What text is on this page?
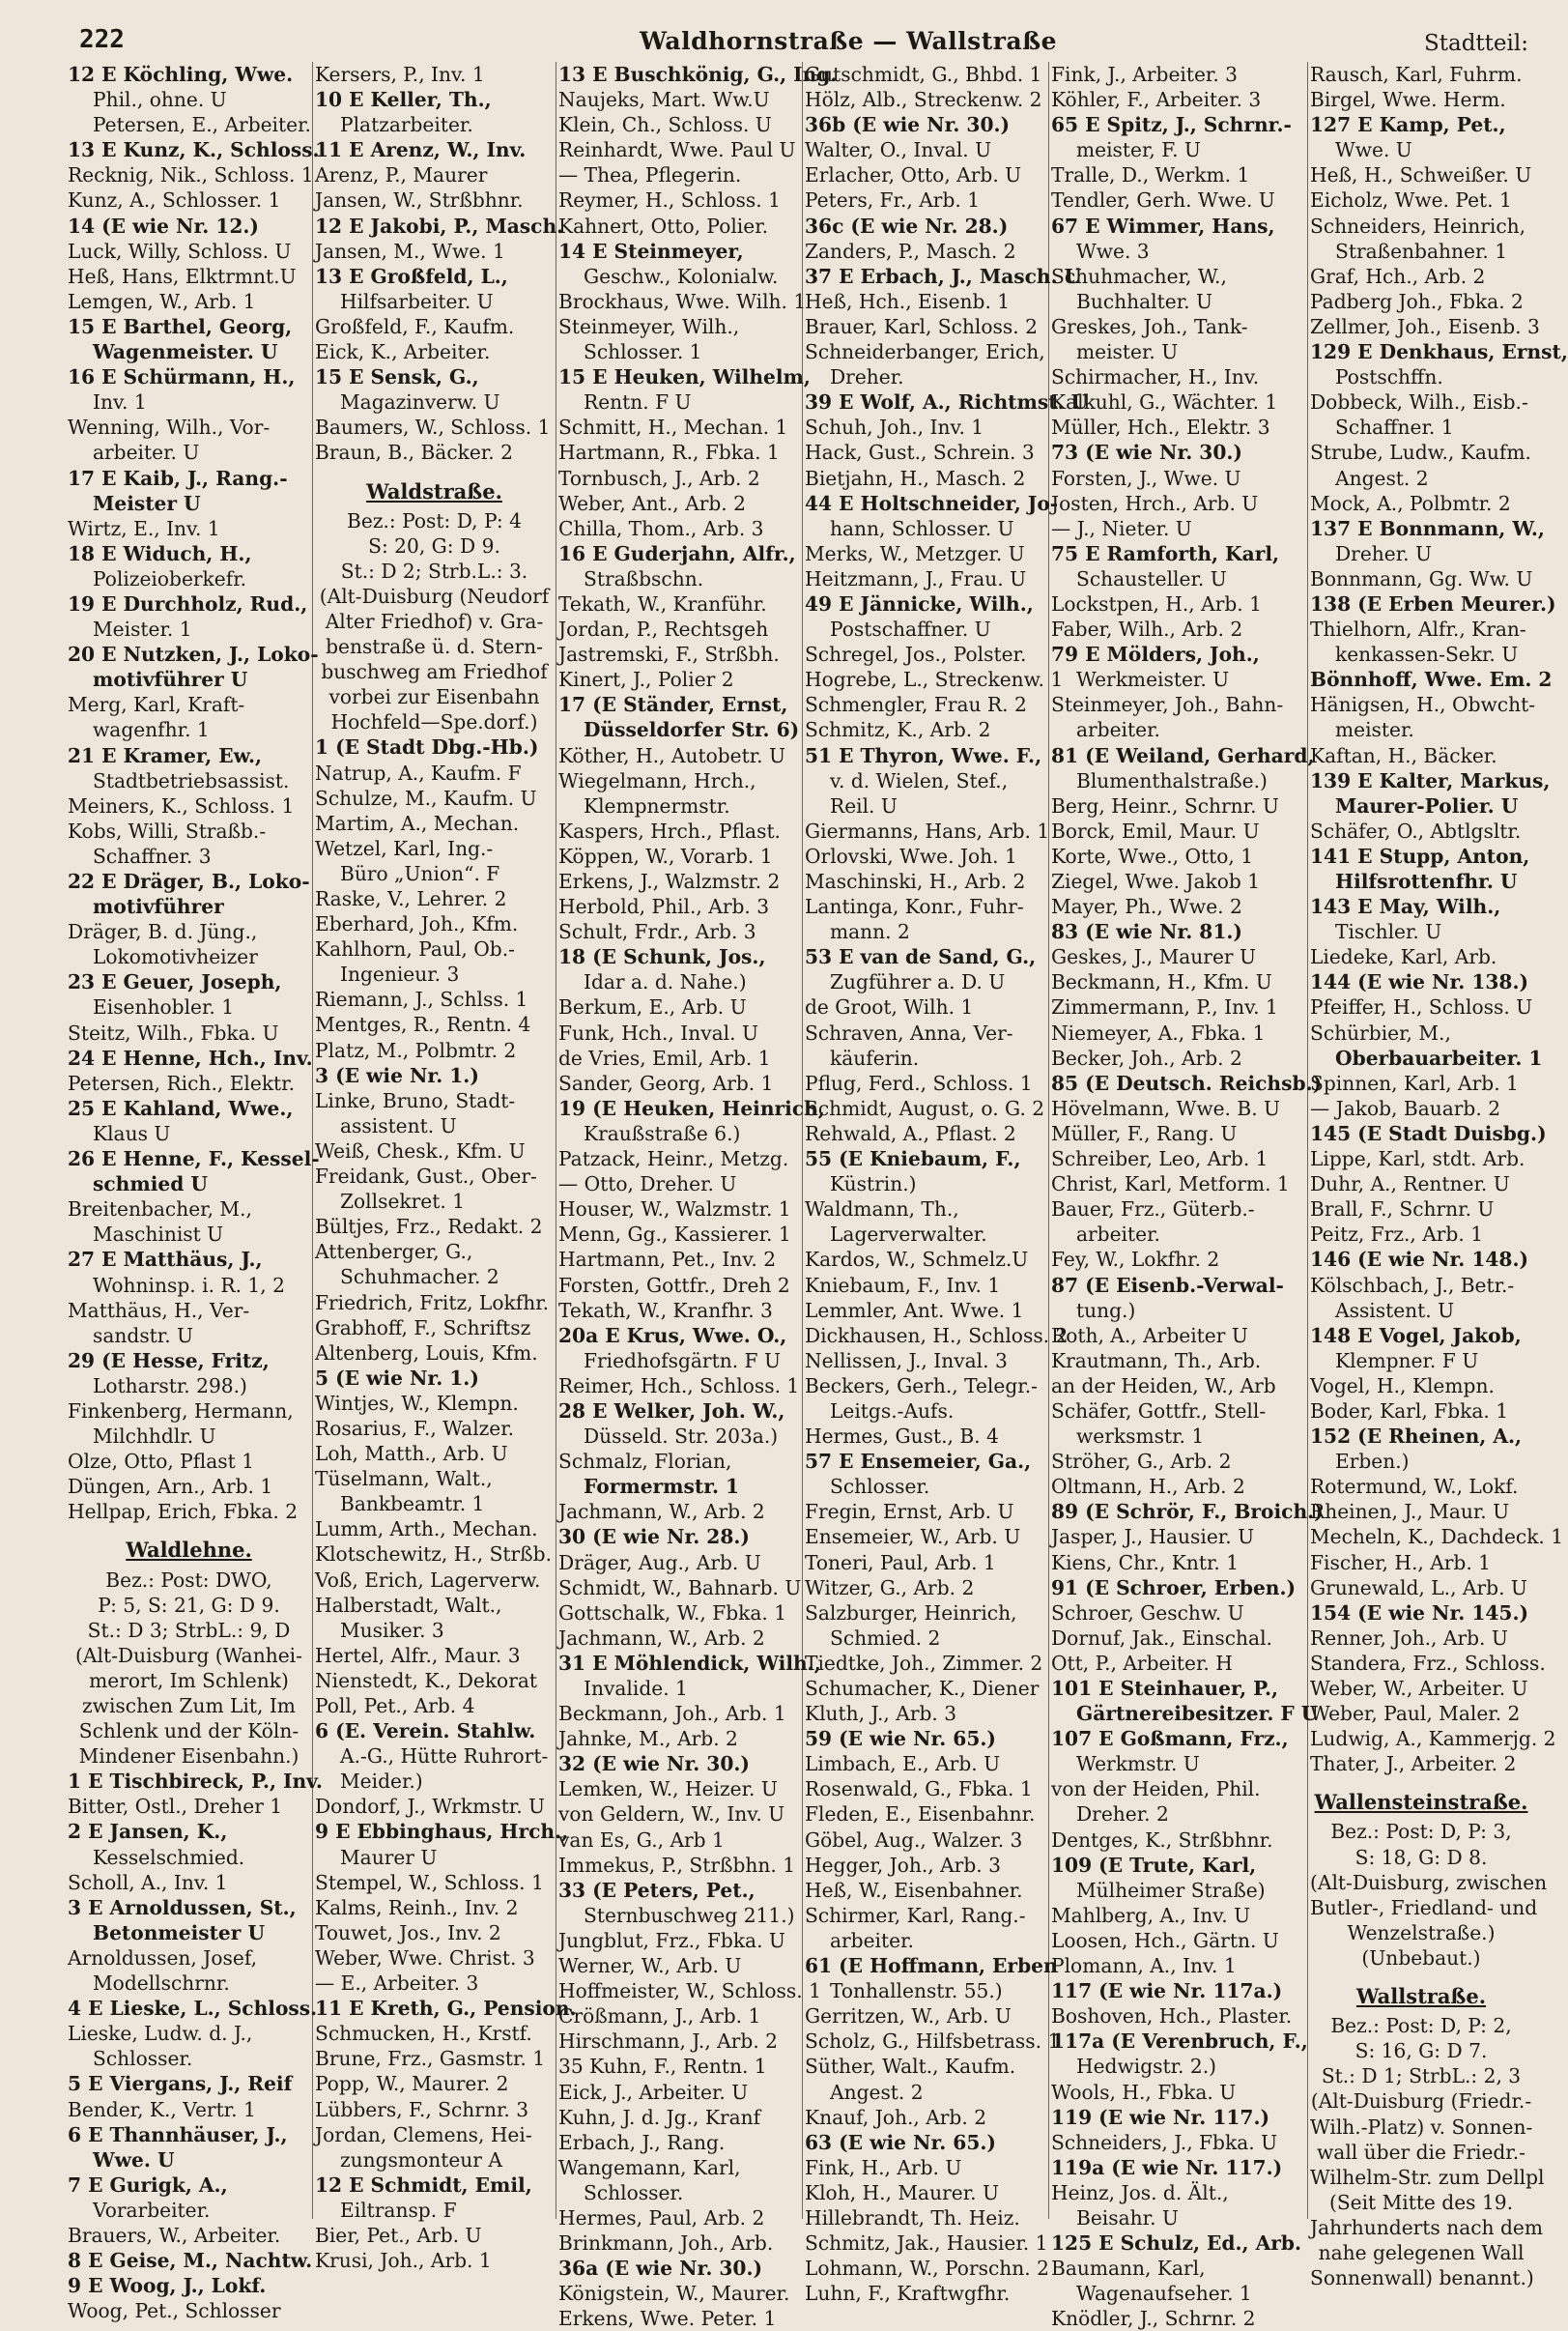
222	Waldhornstraße — Wallstraße	Stadtteil:
12 E Köchling, Wwe.
Phil., ohne. U
Petersen, E., Arbeiter.
13 E Kunz, K., Schloss.
Recknig, Nik., Schloss. 1
Kunz, A., Schlosser. 1
14 (E wie Nr. 12.)
Luck, Willy, Schloss. U
Heß, Hans, Elktrmnt.U
Lemgen, W., Arb. 1
15 E Barthel, Georg,
Wagenmeister. U
16 E Schürmann, H.,
Inv. 1
Wenning, Wilh., Vor-
arbeiter. U
17 E Kaib, J., Rang.-
Meister U
Wirtz, E., Inv. 1
18 E Widuch, H.,
Polizeioberkefr.
19 E Durchholz, Rud.,
Meister. 1
20 E Nutzken, J., Loko-
motivführer U
Merg, Karl, Kraft-
wagenfhr. 1
21 E Kramer, Ew.,
Stadtbetriebsassist.
Meiners, K., Schloss. 1
Kobs, Willi, Straßb.-
Schaffner. 3
22 E Dräger, B., Loko-
motivführer
Dräger, B. d. Jüng.,
Lokomotivheizer
23 E Geuer, Joseph,
Eisenhobler. 1
Steitz, Wilh., Fbka. U
24 E Henne, Hch., Inv.
Petersen, Rich., Elektr.
25 E Kahland, Wwe.,
Klaus U
26 E Henne, F., Kessel-
schmied U
Breitenbacher, M.,
Maschinist U
27 E Matthäus, J.,
Wohninsp. i. R. 1, 2
Matthäus, H., Ver-
sandstr. U
29 (E Hesse, Fritz,
Lotharstr. 298.)
Finkenberg, Hermann,
Milchhdlr. U
Olze, Otto, Pflast 1
Düngen, Arn., Arb. 1
Hellpap, Erich, Fbka. 2
Waldlehne.
Bez.: Post: DWO,
P: 5, S: 21, G: D 9.
St.: D 3; StrbL.: 9, D
(Alt-Duisburg (Wanhei-
merort, Im Schlenk)
zwischen Zum Lit, Im
Schlenk und der Köln-
Mindener Eisenbahn.)
1 E Tischbireck, P., Inv.
Bitter, Ostl., Dreher 1
2 E Jansen, K.,
Kesselschmied.
Scholl, A., Inv. 1
3 E Arnoldussen, St.,
Betonmeister U
Arnoldussen, Josef,
Modellschrnr.
4 E Lieske, L., Schloss.
Lieske, Ludw. d. J.,
Schlosser.
5 E Viergans, J., Reif
Bender, K., Vertr. 1
6 E Thannhäuser, J.,
Wwe. U
7 E Gurigk, A.,
Vorarbeiter.
Brauers, W., Arbeiter.
8 E Geise, M., Nachtw.
9 E Woog, J., Lokf.
Woog, Pet., Schlosser
Kersers, P., Inv. 1
10 E Keller, Th.,
Platzarbeiter.
11 E Arenz, W., Inv.
Arenz, P., Maurer
Jansen, W., Strßbhnr.
12 E Jakobi, P., Masch.
Jansen, M., Wwe. 1
13 E Großfeld, L.,
Hilfsarbeiter. U
Großfeld, F., Kaufm.
Eick, K., Arbeiter.
15 E Sensk, G.,
Magazinverw. U
Baumers, W., Schloss. 1
Braun, B., Bäcker. 2
Waldstraße.
Bez.: Post: D, P: 4
S: 20, G: D 9.
St.: D 2; Strb.L.: 3.
(Alt-Duisburg (Neudorf
Alter Friedhof) v. Gra-
benstraße ü. d. Stern-
buschweg am Friedhof
vorbei zur Eisenbahn
Hochfeld—Spe.dorf.)
1 (E Stadt Dbg.-Hb.)
Natrup, A., Kaufm. F
Schulze, M., Kaufm. U
Martim, A., Mechan.
Wetzel, Karl, Ing.-
Büro „Union“. F
Raske, V., Lehrer. 2
Eberhard, Joh., Kfm.
Kahlhorn, Paul, Ob.-
Ingenieur. 3
Riemann, J., Schlss. 1
Mentges, R., Rentn. 4
Platz, M., Polbmtr. 2
3 (E wie Nr. 1.)
Linke, Bruno, Stadt-
assistent. U
Weiß, Chesk., Kfm. U
Freidank, Gust., Ober-
Zollsekret. 1
Bültjes, Frz., Redakt. 2
Attenberger, G.,
Schuhmacher. 2
Friedrich, Fritz, Lokfhr.
Grabhoff, F., Schriftsz
Altenberg, Louis, Kfm.
5 (E wie Nr. 1.)
Wintjes, W., Klempn.
Rosarius, F., Walzer.
Loh, Matth., Arb. U
Tüselmann, Walt.,
Bankbeamtr. 1
Lumm, Arth., Mechan.
Klotschewitz, H., Strßb.
Voß, Erich, Lagerverw.
Halberstadt, Walt.,
Musiker. 3
Hertel, Alfr., Maur. 3
Nienstedt, K., Dekorat
Poll, Pet., Arb. 4
6 (E. Verein. Stahlw.
A.-G., Hütte Ruhrort-
Meider.)
Dondorf, J., Wrkmstr. U
9 E Ebbinghaus, Hrch.,
Maurer U
Stempel, W., Schloss. 1
Kalms, Reinh., Inv. 2
Touwet, Jos., Inv. 2
Weber, Wwe. Christ. 3
— E., Arbeiter. 3
11 E Kreth, G., Pension.
Schmucken, H., Krstf.
Brune, Frz., Gasmstr. 1
Popp, W., Maurer. 2
Lübbers, F., Schrnr. 3
Jordan, Clemens, Hei-
zungsmonteur A
12 E Schmidt, Emil,
Eiltransp. F
Bier, Pet., Arb. U
Krusi, Joh., Arb. 1
13 E Buschkönig, G., Ing.
Naujeks, Mart. Ww.U
Klein, Ch., Schloss. U
Reinhardt, Wwe. Paul U
— Thea, Pflegerin.
Reymer, H., Schloss. 1
Kahnert, Otto, Polier.
14 E Steinmeyer,
Geschw., Kolonialw.
Brockhaus, Wwe. Wilh. 1
Steinmeyer, Wilh.,
Schlosser. 1
15 E Heuken, Wilhelm,
Rentn. F U
Schmitt, H., Mechan. 1
Hartmann, R., Fbka. 1
Tornbusch, J., Arb. 2
Weber, Ant., Arb. 2
Chilla, Thom., Arb. 3
16 E Guderjahn, Alfr.,
Straßbschn.
Tekath, W., Kranführ.
Jordan, P., Rechtsgeh
Jastremski, F., Strßbh.
Kinert, J., Polier 2
17 (E Ständer, Ernst,
Düsseldorfer Str. 6)
Köther, H., Autobetr. U
Wiegelmann, Hrch.,
Klempnermstr.
Kaspers, Hrch., Pflast.
Köppen, W., Vorarb. 1
Erkens, J., Walzmstr. 2
Herbold, Phil., Arb. 3
Schult, Frdr., Arb. 3
18 (E Schunk, Jos.,
Idar a. d. Nahe.)
Berkum, E., Arb. U
Funk, Hch., Inval. U
de Vries, Emil, Arb. 1
Sander, Georg, Arb. 1
19 (E Heuken, Heinrich,
Kraußstraße 6.)
Patzack, Heinr., Metzg.
— Otto, Dreher. U
Houser, W., Walzmstr. 1
Menn, Gg., Kassierer. 1
Hartmann, Pet., Inv. 2
Forsten, Gottfr., Dreh 2
Tekath, W., Kranfhr. 3
20a E Krus, Wwe. O.,
Friedhofsgärtn. F U
Reimer, Hch., Schloss. 1
28 E Welker, Joh. W.,
Düsseld. Str. 203a.)
Schmalz, Florian,
Formermstr. 1
Jachmann, W., Arb. 2
30 (E wie Nr. 28.)
Dräger, Aug., Arb. U
Schmidt, W., Bahnarb. U
Gottschalk, W., Fbka. 1
Jachmann, W., Arb. 2
31 E Möhlendick, Wilh.,
Invalide. 1
Beckmann, Joh., Arb. 1
Jahnke, M., Arb. 2
32 (E wie Nr. 30.)
Lemken, W., Heizer. U
von Geldern, W., Inv. U
van Es, G., Arb 1
Immekus, P., Strßbhn. 1
33 (E Peters, Pet.,
Sternbuschweg 211.)
Jungblut, Frz., Fbka. U
Werner, W., Arb. U
Hoffmeister, W., Schloss. 1
Crößmann, J., Arb. 1
Hirschmann, J., Arb. 2
35 Kuhn, F., Rentn. 1
Eick, J., Arbeiter. U
Kuhn, J. d. Jg., Kranf
Erbach, J., Rang.
Wangemann, Karl,
Schlosser.
Hermes, Paul, Arb. 2
Brinkmann, Joh., Arb.
36a (E wie Nr. 30.)
Königstein, W., Maurer.
Erkens, Wwe. Peter. 1
Gutschmidt, G., Bhbd. 1
Hölz, Alb., Streckenw. 2
36b (E wie Nr. 30.)
Walter, O., Inval. U
Erlacher, Otto, Arb. U
Peters, Fr., Arb. 1
36c (E wie Nr. 28.)
Zanders, P., Masch. 2
37 E Erbach, J., Masch. U
Heß, Hch., Eisenb. 1
Brauer, Karl, Schloss. 2
Schneiderbanger, Erich,
Dreher.
39 E Wolf, A., Richtmst. U
Schuh, Joh., Inv. 1
Hack, Gust., Schrein. 3
Bietjahn, H., Masch. 2
44 E Holtschneider, Jo-
hann, Schlosser. U
Merks, W., Metzger. U
Heitzmann, J., Frau. U
49 E Jännicke, Wilh.,
Postschaffner. U
Schregel, Jos., Polster.
Hogrebe, L., Streckenw. 1
Schmengler, Frau R. 2
Schmitz, K., Arb. 2
51 E Thyron, Wwe. F.,
v. d. Wielen, Stef.,
Reil. U
Giermanns, Hans, Arb. 1
Orlovski, Wwe. Joh. 1
Maschinski, H., Arb. 2
Lantinga, Konr., Fuhr-
mann. 2
53 E van de Sand, G.,
Zugführer a. D. U
de Groot, Wilh. 1
Schraven, Anna, Ver-
käuferin.
Pflug, Ferd., Schloss. 1
Schmidt, August, o. G. 2
Rehwald, A., Pflast. 2
55 (E Kniebaum, F.,
Küstrin.)
Waldmann, Th.,
Lagerverwalter.
Kardos, W., Schmelz.U
Kniebaum, F., Inv. 1
Lemmler, Ant. Wwe. 1
Dickhausen, H., Schloss. 2
Nellissen, J., Inval. 3
Beckers, Gerh., Telegr.-
Leitgs.-Aufs.
Hermes, Gust., B. 4
57 E Ensemeier, Ga.,
Schlosser.
Fregin, Ernst, Arb. U
Ensemeier, W., Arb. U
Toneri, Paul, Arb. 1
Witzer, G., Arb. 2
Salzburger, Heinrich,
Schmied. 2
Tiedtke, Joh., Zimmer. 2
Schumacher, K., Diener
Kluth, J., Arb. 3
59 (E wie Nr. 65.)
Limbach, E., Arb. U
Rosenwald, G., Fbka. 1
Fleden, E., Eisenbahnr.
Göbel, Aug., Walzer. 3
Hegger, Joh., Arb. 3
Heß, W., Eisenbahner.
Schirmer, Karl, Rang.-
arbeiter.
61 (E Hoffmann, Erben
Tonhallenstr. 55.)
Gerritzen, W., Arb. U
Scholz, G., Hilfsbetrass. 1
Süther, Walt., Kaufm.
Angest. 2
Knauf, Joh., Arb. 2
63 (E wie Nr. 65.)
Fink, H., Arb. U
Kloh, H., Maurer. U
Hillebrandt, Th. Heiz.
Schmitz, Jak., Hausier. 1
Lohmann, W., Porschn. 2
Luhn, F., Kraftwgfhr.
Fink, J., Arbeiter. 3
Köhler, F., Arbeiter. 3
65 E Spitz, J., Schrnr.-
meister, F. U
Tralle, D., Werkm. 1
Tendler, Gerh. Wwe. U
67 E Wimmer, Hans,
Wwe. 3
Schuhmacher, W.,
Buchhalter. U
Greskes, Joh., Tank-
meister. U
Schirmacher, H., Inv.
Kalkuhl, G., Wächter. 1
Müller, Hch., Elektr. 3
73 (E wie Nr. 30.)
Forsten, J., Wwe. U
Josten, Hrch., Arb. U
— J., Nieter. U
75 E Ramforth, Karl,
Schausteller. U
Lockstpen, H., Arb. 1
Faber, Wilh., Arb. 2
79 E Mölders, Joh.,
Werkmeister. U
Steinmeyer, Joh., Bahn-
arbeiter.
81 (E Weiland, Gerhard,
Blumenthalstraße.)
Berg, Heinr., Schrnr. U
Borck, Emil, Maur. U
Korte, Wwe., Otto, 1
Ziegel, Wwe. Jakob 1
Mayer, Ph., Wwe. 2
83 (E wie Nr. 81.)
Geskes, J., Maurer U
Beckmann, H., Kfm. U
Zimmermann, P., Inv. 1
Niemeyer, A., Fbka. 1
Becker, Joh., Arb. 2
85 (E Deutsch. Reichsb.)
Hövelmann, Wwe. B. U
Müller, F., Rang. U
Schreiber, Leo, Arb. 1
Christ, Karl, Metform. 1
Bauer, Frz., Güterb.-
arbeiter.
Fey, W., Lokfhr. 2
87 (E Eisenb.-Verwal-
tung.)
Roth, A., Arbeiter U
Krautmann, Th., Arb.
an der Heiden, W., Arb
Schäfer, Gottfr., Stell-
werksmstr. 1
Ströher, G., Arb. 2
Oltmann, H., Arb. 2
89 (E Schrör, F., Broich.)
Jasper, J., Hausier. U
Kiens, Chr., Kntr. 1
91 (E Schroer, Erben.)
Schroer, Geschw. U
Dornuf, Jak., Einschal.
Ott, P., Arbeiter. H
101 E Steinhauer, P.,
Gärtnereibesitzer. F U
107 E Goßmann, Frz.,
Werkmstr. U
von der Heiden, Phil.
Dreher. 2
Dentges, K., Strßbhnr.
109 (E Trute, Karl,
Mülheimer Straße)
Mahlberg, A., Inv. U
Loosen, Hch., Gärtn. U
Plomann, A., Inv. 1
117 (E wie Nr. 117a.)
Boshoven, Hch., Plaster.
117a (E Verenbruch, F.,
Hedwigstr. 2.)
Wools, H., Fbka. U
119 (E wie Nr. 117.)
Schneiders, J., Fbka. U
119a (E wie Nr. 117.)
Heinz, Jos. d. Ält.,
Beisahr. U
125 E Schulz, Ed., Arb.
Baumann, Karl,
Wagenaufseher. 1
Knödler, J., Schrnr. 2
Rausch, Karl, Fuhrm.
Birgel, Wwe. Herm.
127 E Kamp, Pet.,
Wwe. U
Heß, H., Schweißer. U
Eicholz, Wwe. Pet. 1
Schneiders, Heinrich,
Straßenbahner. 1
Graf, Hch., Arb. 2
Padberg Joh., Fbka. 2
Zellmer, Joh., Eisenb. 3
129 E Denkhaus, Ernst,
Postschffn.
Dobbeck, Wilh., Eisb.-
Schaffner. 1
Strube, Ludw., Kaufm.
Angest. 2
Mock, A., Polbmtr. 2
137 E Bonnmann, W.,
Dreher. U
Bonnmann, Gg. Ww. U
138 (E Erben Meurer.)
Thielhorn, Alfr., Kran-
kenkassen-Sekr. U
Bönnhoff, Wwe. Em. 2
Hänigsen, H., Obwcht-
meister.
Kaftan, H., Bäcker.
139 E Kalter, Markus,
Maurer-Polier. U
Schäfer, O., Abtlgsltr.
141 E Stupp, Anton,
Hilfsrottenfhr. U
143 E May, Wilh.,
Tischler. U
Liedeke, Karl, Arb.
144 (E wie Nr. 138.)
Pfeiffer, H., Schloss. U
Schürbier, M.,
Oberbauarbeiter. 1
Spinnen, Karl, Arb. 1
— Jakob, Bauarb. 2
145 (E Stadt Duisbg.)
Lippe, Karl, stdt. Arb.
Duhr, A., Rentner. U
Brall, F., Schrnr. U
Peitz, Frz., Arb. 1
146 (E wie Nr. 148.)
Kölschbach, J., Betr.-
Assistent. U
148 E Vogel, Jakob,
Klempner. F U
Vogel, H., Klempn.
Boder, Karl, Fbka. 1
152 (E Rheinen, A.,
Erben.)
Rotermund, W., Lokf.
Rheinen, J., Maur. U
Mecheln, K., Dachdeck. 1
Fischer, H., Arb. 1
Grunewald, L., Arb. U
154 (E wie Nr. 145.)
Renner, Joh., Arb. U
Standera, Frz., Schloss.
Weber, W., Arbeiter. U
Weber, Paul, Maler. 2
Ludwig, A., Kammerjg. 2
Thater, J., Arbeiter. 2
Wallensteinstraße.
Bez.: Post: D, P: 3,
S: 18, G: D 8.
(Alt-Duisburg, zwischen
Butler-, Friedland- und
Wenzelstraße.)
(Unbebaut.)
Wallstraße.
Bez.: Post: D, P: 2,
S: 16, G: D 7.
St.: D 1; StrbL.: 2, 3
(Alt-Duisburg (Friedr.-
Wilh.-Platz) v. Sonnen-
wall über die Friedr.-
Wilhelm-Str. zum Dellpl
(Seit Mitte des 19.
Jahrhunderts nach dem
nahe gelegenen Wall
Sonnenwall) benannt.)
